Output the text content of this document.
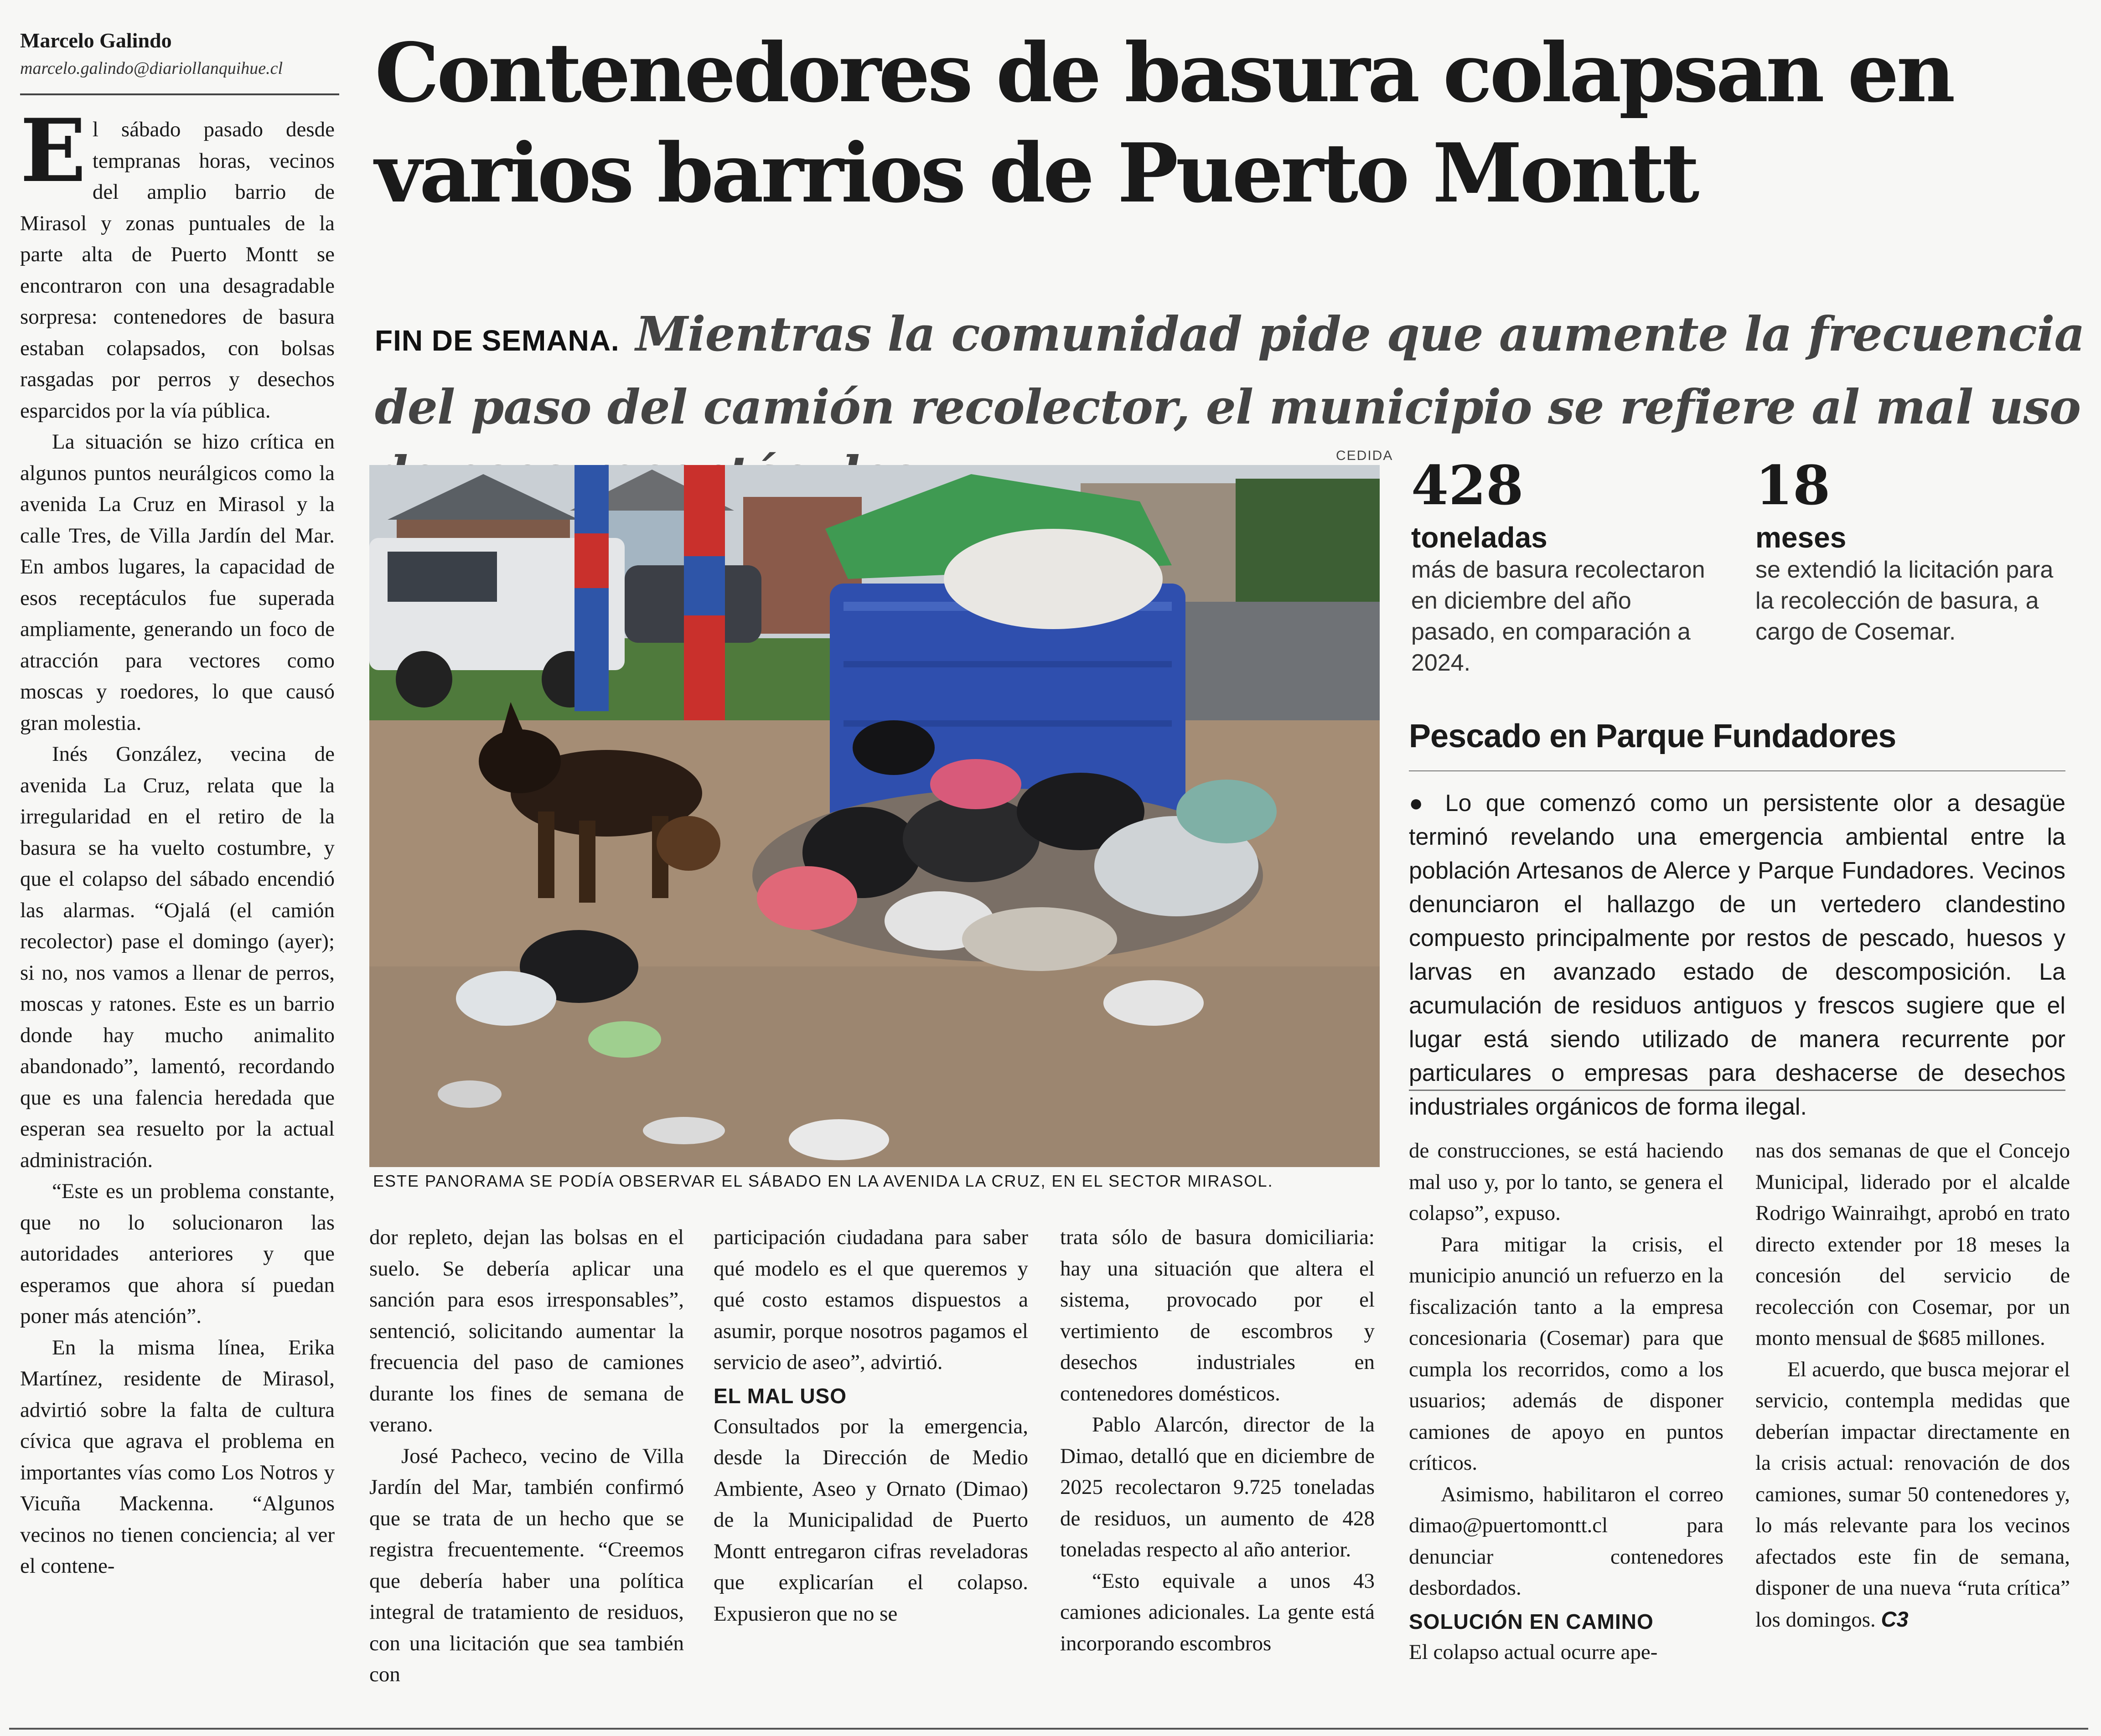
Marcelo Galindo
marcelo.galindo@diariollanquihue.cl Contenedores de basura colapsan en varios barrios de Puerto Montt
FIN DE SEMANA. Mientras la comunidad pide que aumente la frecuencia del paso del camión recolector, el municipio se refiere al mal uso
CEDIDA
ESTE PANORAMA SE PODÍA OBSERVAR EL SÁBADO EN LA AVENIDA LA CRUZ, EN EL SECTOR MIRASOL.
428
toneladas
más de basura recolectaron en diciembre del año pasado, en comparación a 2024.
18
meses
se extendió la licitación para la recolección de basura, a cargo de Cosemar.
Pescado en Parque Fundadores
● Lo que comenzó como un persistente olor a desagüe terminó revelando una emergencia ambiental entre la población Artesanos de Alerce y Parque Fundadores. Vecinos denunciaron el hallazgo de un vertedero clandestino compuesto principalmente por restos de pescado, huesos y larvas en avanzado estado de descomposición. La acumulación de residuos antiguos y frescos sugiere que el lugar está siendo utilizado de manera recurrente por particulares o empresas para deshacerse de desechos industriales orgánicos de forma ilegal.
E l sábado pasado desde tempranas horas, vecinos del amplio barrio de Mirasol y zonas puntuales de la parte alta de Puerto Montt se encontraron con una desagradable sorpresa: contenedores de basura estaban colapsados, con bolsas rasgadas por perros y desechos esparcidos por la vía pública.

La situación se hizo crítica en algunos puntos neurálgicos como la avenida La Cruz en Mirasol y la calle Tres, de Villa Jardín del Mar. En ambos lugares, la capacidad de esos receptáculos fue superada ampliamente, generando un foco de atracción para vectores como moscas y roedores, lo que causó gran molestia.

Inés González, vecina de avenida La Cruz, relata que la irregularidad en el retiro de la basura se ha vuelto costumbre, y que el colapso del sábado encendió las alarmas. “Ojalá (el camión recolector) pase el domingo (ayer); si no, nos vamos a llenar de perros, moscas y ratones. Este es un barrio donde hay mucho animalito abandonado”, lamentó, recordando que es una falencia heredada que esperan sea resuelto por la actual administración.

“Este es un problema constante, que no lo solucionaron las autoridades anteriores y que esperamos que ahora sí puedan poner más atención”.

En la misma línea, Erika Martínez, residente de Mirasol, advirtió sobre la falta de cultura cívica que agrava el problema en importantes vías como Los Notros y Vicuña Mackenna. “Algunos vecinos no tienen conciencia; al ver el contene-

dor repleto, dejan las bolsas en el suelo. Se debería aplicar una sanción para esos irresponsables”, sentenció, solicitando aumentar la frecuencia del paso de camiones durante los fines de semana de verano.

José Pacheco, vecino de Villa Jardín del Mar, también confirmó que se trata de un hecho que se registra frecuentemente. “Creemos que debería haber una política integral de tratamiento de residuos, con una licitación que sea también con

participación ciudadana para saber qué modelo es el que queremos y qué costo estamos dispuestos a asumir, porque nosotros pagamos el servicio de aseo”, advirtió.

EL MAL USO

Consultados por la emergencia, desde la Dirección de Medio Ambiente, Aseo y Ornato (Dimao) de la Municipalidad de Puerto Montt entregaron cifras reveladoras que explicarían el colapso. Expusieron que no se

trata sólo de basura domiciliaria: hay una situación que altera el sistema, provocado por el vertimiento de escombros y desechos industriales en contenedores domésticos.

Pablo Alarcón, director de la Dimao, detalló que en diciembre de 2025 recolectaron 9.725 toneladas de residuos, un aumento de 428 toneladas respecto al año anterior.

“Esto equivale a unos 43 camiones adicionales. La gente está incorporando escombros

de construcciones, se está haciendo mal uso y, por lo tanto, se genera el colapso”, expuso.

Para mitigar la crisis, el municipio anunció un refuerzo en la fiscalización tanto a la empresa concesionaria (Cosemar) para que cumpla los recorridos, como a los usuarios; además de disponer camiones de apoyo en puntos críticos.

Asimismo, habilitaron el correo dimao@puertomontt.cl para denunciar contenedores desbordados.

SOLUCIÓN EN CAMINO

El colapso actual ocurre ape-

nas dos semanas de que el Concejo Municipal, liderado por el alcalde Rodrigo Wainraihgt, aprobó en trato directo extender por 18 meses la concesión del servicio de recolección con Cosemar, por un monto mensual de $685 millones.

El acuerdo, que busca mejorar el servicio, contempla medidas que deberían impactar directamente en la crisis actual: renovación de dos camiones, sumar 50 contenedores y, lo más relevante para los vecinos afectados este fin de semana, disponer de una nueva “ruta crítica” los domingos. C3
